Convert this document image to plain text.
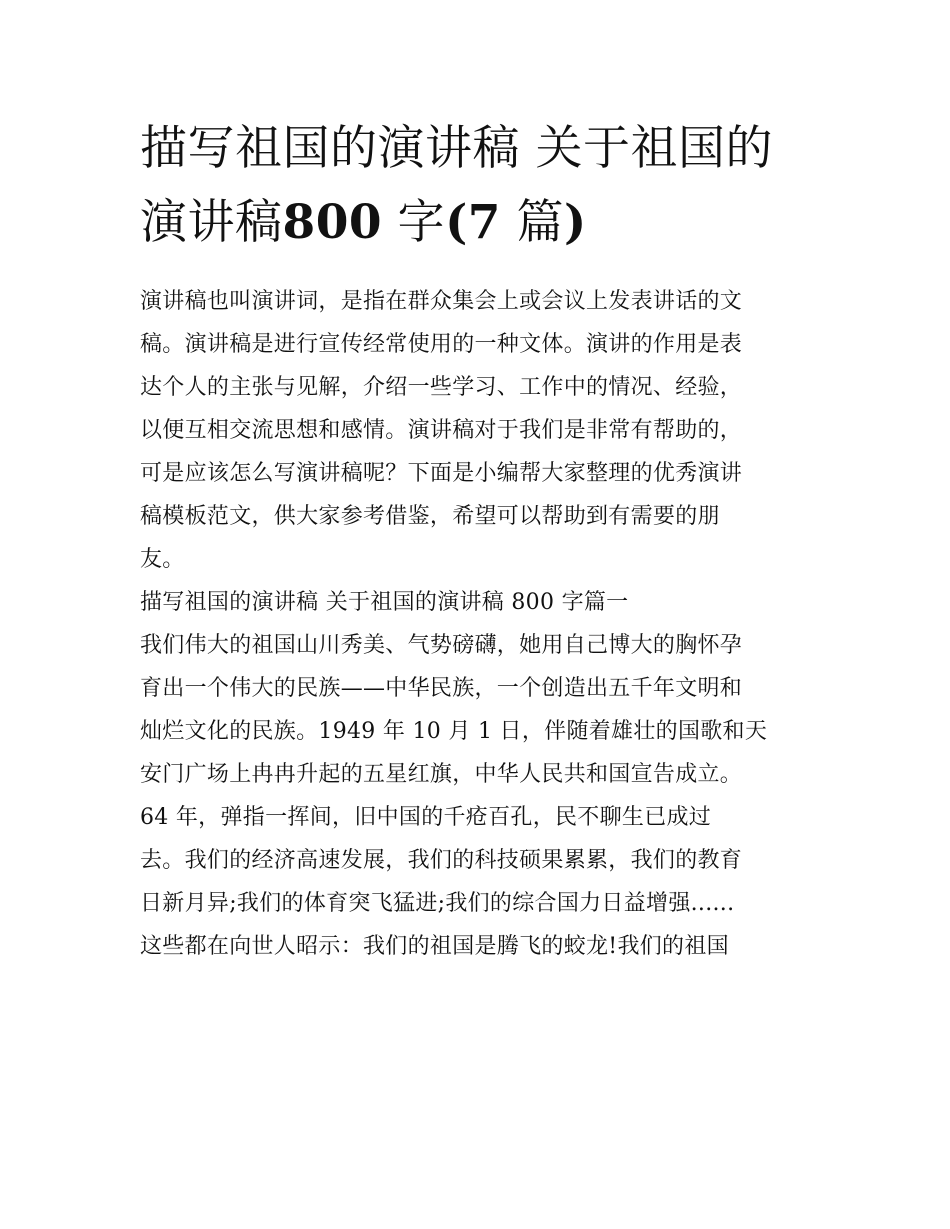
描写祖国的演讲稿 关于祖国的
演讲稿800 字(7 篇)
演讲稿也叫演讲词，是指在群众集会上或会议上发表讲话的文
稿。演讲稿是进行宣传经常使用的一种文体。演讲的作用是表
达个人的主张与见解，介绍一些学习、工作中的情况、经验，
以便互相交流思想和感情。演讲稿对于我们是非常有帮助的，
可是应该怎么写演讲稿呢？下面是小编帮大家整理的优秀演讲
稿模板范文，供大家参考借鉴，希望可以帮助到有需要的朋
友。
描写祖国的演讲稿 关于祖国的演讲稿 800 字篇一
我们伟大的祖国山川秀美、气势磅礴，她用自己博大的胸怀孕
育出一个伟大的民族——中华民族，一个创造出五千年文明和
灿烂文化的民族。1949 年 10 月 1 日，伴随着雄壮的国歌和天
安门广场上冉冉升起的五星红旗，中华人民共和国宣告成立。
64 年，弹指一挥间，旧中国的千疮百孔，民不聊生已成过
去。我们的经济高速发展，我们的科技硕果累累，我们的教育
日新月异;我们的体育突飞猛进;我们的综合国力日益增强......
这些都在向世人昭示：我们的祖国是腾飞的蛟龙!我们的祖国
